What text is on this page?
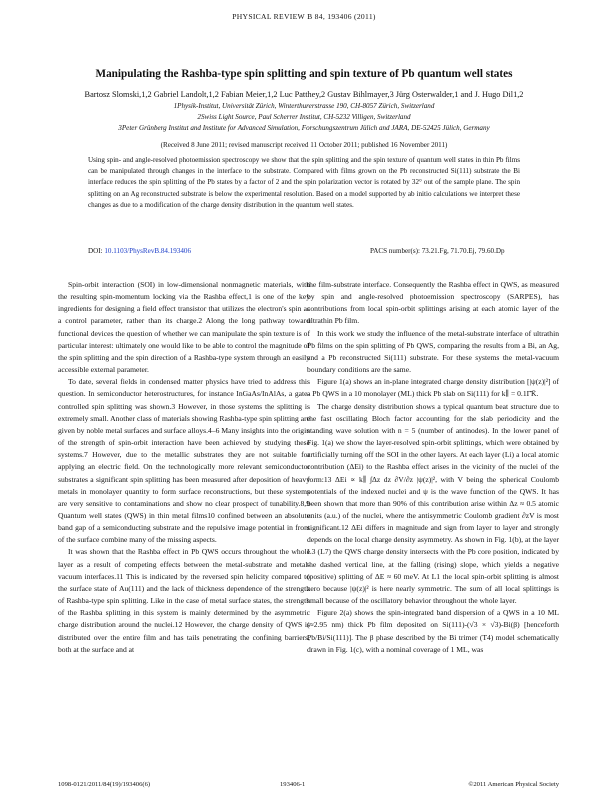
PHYSICAL REVIEW B 84, 193406 (2011)
Manipulating the Rashba-type spin splitting and spin texture of Pb quantum well states
Bartosz Slomski,1,2 Gabriel Landolt,1,2 Fabian Meier,1,2 Luc Patthey,2 Gustav Bihlmayer,3 Jürg Osterwalder,1 and J. Hugo Dil1,2
1Physik-Institut, Universität Zürich, Winterthurerstrasse 190, CH-8057 Zürich, Switzerland
2Swiss Light Source, Paul Scherrer Institut, CH-5232 Villigen, Switzerland
3Peter Grünberg Institut and Institute for Advanced Simulation, Forschungszentrum Jülich and JARA, DE-52425 Jülich, Germany
(Received 8 June 2011; revised manuscript received 11 October 2011; published 16 November 2011)
Using spin- and angle-resolved photoemission spectroscopy we show that the spin splitting and the spin texture of quantum well states in thin Pb films can be manipulated through changes in the interface to the substrate. Compared with films grown on the Pb reconstructed Si(111) substrate the Bi interface reduces the spin splitting of the Pb states by a factor of 2 and the spin polarization vector is rotated by 32° out of the sample plane. The spin splitting on an Ag reconstructed substrate is below the experimental resolution. Based on a model supported by ab initio calculations we interpret these changes as due to a modification of the charge density distribution in the quantum well states.
DOI: 10.1103/PhysRevB.84.193406	PACS number(s): 73.21.Fg, 71.70.Ej, 79.60.Dp

Spin-orbit interaction (SOI) in low-dimensional nonmagnetic materials, with the resulting spin-momentum locking via the Rashba effect,1 is one of the key ingredients for designing a field effect transistor that utilizes the electron's spin as a control parameter, rather than its charge.2 Along the long pathway toward functional devices the question of whether we can manipulate the spin texture is of particular interest: ultimately one would like to be able to control the magnitude of the spin splitting and the spin direction of a Rashba-type system through an easily accessible external parameter.

To date, several fields in condensed matter physics have tried to address this question. In semiconductor heterostructures, for instance InGaAs/InAlAs, a gate-controlled spin splitting was shown.3 However, in those systems the splitting is extremely small. Another class of materials showing Rashba-type spin splitting are given by noble metal surfaces and surface alloys.4–6 Many insights into the origin of the strength of spin-orbit interaction have been achieved by studying these systems.7 However, due to the metallic substrates they are not suitable for applying an electric field. On the technologically more relevant semiconductor substrates a significant spin splitting has been measured after deposition of heavy metals in monolayer quantity to form surface reconstructions, but these systems are very sensitive to contaminations and show no clear prospect of tunability.8,9 Quantum well states (QWS) in thin metal films10 confined between an absolute band gap of a semiconducting substrate and the repulsive image potential in front of the surface combine many of the missing aspects.

It was shown that the Rashba effect in Pb QWS occurs throughout the whole layer as a result of competing effects between the metal-substrate and metal-vacuum interfaces.11 This is indicated by the reversed spin helicity compared to the surface state of Au(111) and the lack of thickness dependence of the strength of Rashba-type spin splitting. Like in the case of metal surface states, the strength of the Rashba splitting in this system is mainly determined by the asymmetric charge distribution around the nuclei.12 However, the charge density of QWS is distributed over the entire film and has tails penetrating the confining barriers, both at the surface and at

the film-substrate interface. Consequently the Rashba effect in QWS, as measured by spin and angle-resolved photoemission spectroscopy (SARPES), has contributions from local spin-orbit splittings arising at each atomic layer of the ultrathin Pb film.

In this work we study the influence of the metal-substrate interface of ultrathin Pb films on the spin splitting of Pb QWS, comparing the results from a Bi, an Ag, and a Pb reconstructed Si(111) substrate. For these systems the metal-vacuum boundary conditions are the same.

Figure 1(a) shows an in-plane integrated charge density distribution [|ψ(z)|²] of a Pb QWS in a 10 monolayer (ML) thick Pb slab on Si(111) for k∥ = 0.1Γ̄K̄.

The charge density distribution shows a typical quantum beat structure due to the fast oscillating Bloch factor accounting for the slab periodicity and the standing wave solution with n = 5 (number of antinodes). In the lower panel of Fig. 1(a) we show the layer-resolved spin-orbit splittings, which were obtained by artificially turning off the SOI in the other layers. At each layer (Li) a local atomic contribution (ΔEi) to the Rashba effect arises in the vicinity of the nuclei of the form:13 ΔEi ∝ k∥ ∫Δz dz ∂V/∂z |ψ(z)|², with V being the spherical Coulomb potentials of the indexed nuclei and ψ is the wave function of the QWS. It has been shown that more than 90% of this contribution arise within Δz ≈ 0.5 atomic units (a.u.) of the nuclei, where the antisymmetric Coulomb gradient ∂zV is most significant.12 ΔEi differs in magnitude and sign from layer to layer and strongly depends on the local charge density asymmetry. As shown in Fig. 1(b), at the layer L3 (L7) the QWS charge density intersects with the Pb core position, indicated by the dashed vertical line, at the falling (rising) slope, which yields a negative (positive) splitting of ΔE ≈ 60 meV. At L1 the local spin-orbit splitting is almost zero because |ψ(z)|² is here nearly symmetric. The sum of all local splittings is small because of the oscillatory behavior throughout the whole layer.

Figure 2(a) shows the spin-integrated band dispersion of a QWS in a 10 ML (≈2.95 nm) thick Pb film deposited on Si(111)-(√3 × √3)-Bi(β) [henceforth Pb/Bi/Si(111)]. The β phase described by the Bi trimer (T4) model schematically drawn in Fig. 1(c), with a nominal coverage of 1 ML, was

1098-0121/2011/84(19)/193406(6)	193406-1	©2011 American Physical Society
